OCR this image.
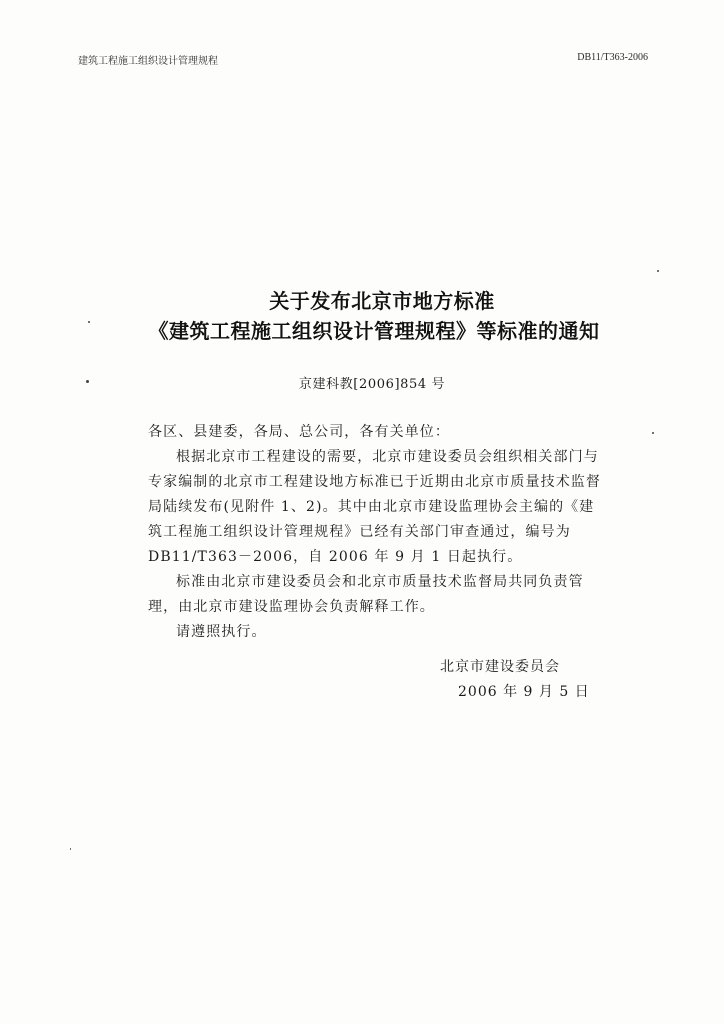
建筑工程施工组织设计管理规程	DB11/T363-2006
关于发布北京市地方标准
《建筑工程施工组织设计管理规程》等标准的通知
京建科教[2006]854 号

各区、县建委，各局、总公司，各有关单位：

根据北京市工程建设的需要，北京市建设委员会组织相关部门与专家编制的北京市工程建设地方标准已于近期由北京市质量技术监督局陆续发布(见附件 1、2)。其中由北京市建设监理协会主编的《建筑工程施工组织设计管理规程》已经有关部门审查通过，编号为 DB11/T363－2006，自 2006 年 9 月 1 日起执行。

标准由北京市建设委员会和北京市质量技术监督局共同负责管理，由北京市建设监理协会负责解释工作。

请遵照执行。

北京市建设委员会
2006 年 9 月 5 日
